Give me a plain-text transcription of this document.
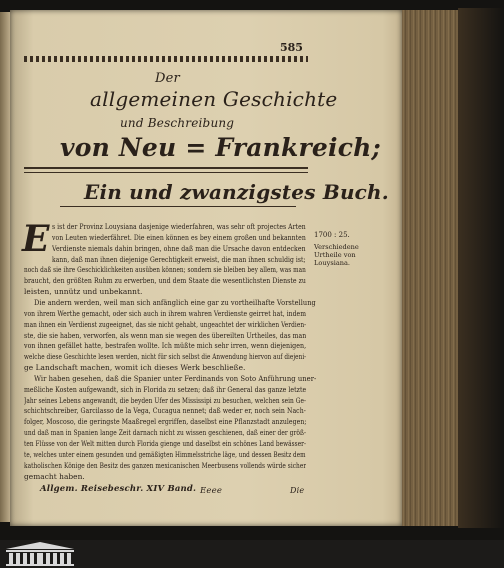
585

Der

allgemeinen Geschichte

und Beschreibung

von Neu = Frankreich;

Ein und zwanzigstes Buch.

E s ist der Provinz Louysiana dasjenige wiederfahren, was sehr oft projectes Arten

von Leuten wiederfähret. Die einen können es bey einem großen und bekannten

Verdienste niemals dahin bringen, ohne daß man die Ursache davon entdecken

kann, daß man ihnen diejenige Gerechtigkeit erweist, die man ihnen schuldig ist;

noch daß sie ihre Geschicklichkeiten ausüben können; sondern sie bleiben bey allem, was man

braucht, den größten Ruhm zu erwerben, und dem Staate die wesentlichsten Dienste zu

leisten, unnütz und unbekannt.

Die andern werden, weil man sich anfänglich eine gar zu vortheilhafte Vorstellung

von ihrem Werthe gemacht, oder sich auch in ihrem wahren Verdienste geirret hat, indem

man ihnen ein Verdienst zugeeignet, das sie nicht gehabt, ungeachtet der wirklichen Verdien-

ste, die sie haben, verworfen, als wenn man sie wegen des übereilten Urtheiles, das man

von ihnen gefället hatte, bestrafen wollte. Ich müßte mich sehr irren, wenn diejenigen,

welche diese Geschichte lesen werden, nicht für sich selbst die Anwendung hiervon auf diejeni-

ge Landschaft machen, womit ich dieses Werk beschließe.

Wir haben gesehen, daß die Spanier unter Ferdinands von Soto Anführung uner-

meßliche Kosten aufgewandt, sich in Florida zu setzen; daß ihr General das ganze letzte

Jahr seines Lebens angewandt, die beyden Ufer des Mississipi zu besuchen, welchen sein Ge-

schichtschreiber, Garcilasso de la Vega, Cucagua nennet; daß weder er, noch sein Nach-

folger, Moscoso, die geringste Maaßregel ergriffen, daselbst eine Pflanzstadt anzulegen;

und daß man in Spanien lange Zeit darnach nicht zu wissen geschienen, daß einer der größ-

ten Flüsse von der Welt mitten durch Florida gienge und daselbst ein schönes Land bewässer-

te, welches unter einem gesunden und gemäßigten Himmelsstriche läge, und dessen Besitz dem

katholischen Könige den Besitz des ganzen mexicanischen Meerbusens vollends würde sicher

gemacht haben.

1700 : 25.

Verschiedene Urtheile von Louysiana.

Allgem. Reisebeschr. XIV Band. Eeee	Die
